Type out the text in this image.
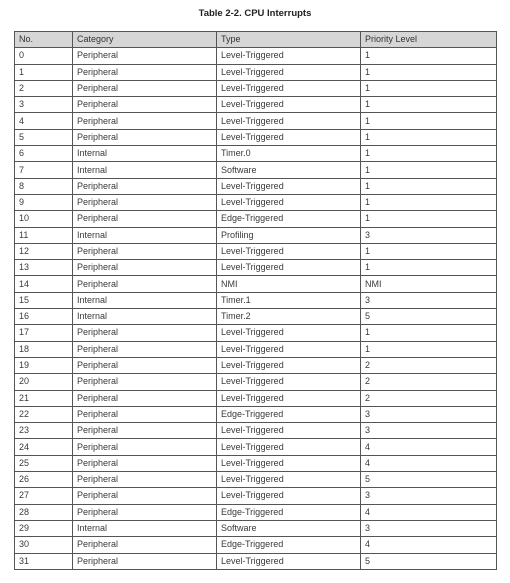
Table 2-2. CPU Interrupts
No.	Category	Type	Priority Level
0	Peripheral	Level-Triggered	1
1	Peripheral	Level-Triggered	1
2	Peripheral	Level-Triggered	1
3	Peripheral	Level-Triggered	1
4	Peripheral	Level-Triggered	1
5	Peripheral	Level-Triggered	1
6	Internal	Timer.0	1
7	Internal	Software	1
8	Peripheral	Level-Triggered	1
9	Peripheral	Level-Triggered	1
10	Peripheral	Edge-Triggered	1
11	Internal	Profiling	3
12	Peripheral	Level-Triggered	1
13	Peripheral	Level-Triggered	1
14	Peripheral	NMI	NMI
15	Internal	Timer.1	3
16	Internal	Timer.2	5
17	Peripheral	Level-Triggered	1
18	Peripheral	Level-Triggered	1
19	Peripheral	Level-Triggered	2
20	Peripheral	Level-Triggered	2
21	Peripheral	Level-Triggered	2
22	Peripheral	Edge-Triggered	3
23	Peripheral	Level-Triggered	3
24	Peripheral	Level-Triggered	4
25	Peripheral	Level-Triggered	4
26	Peripheral	Level-Triggered	5
27	Peripheral	Level-Triggered	3
28	Peripheral	Edge-Triggered	4
29	Internal	Software	3
30	Peripheral	Edge-Triggered	4
31	Peripheral	Level-Triggered	5
